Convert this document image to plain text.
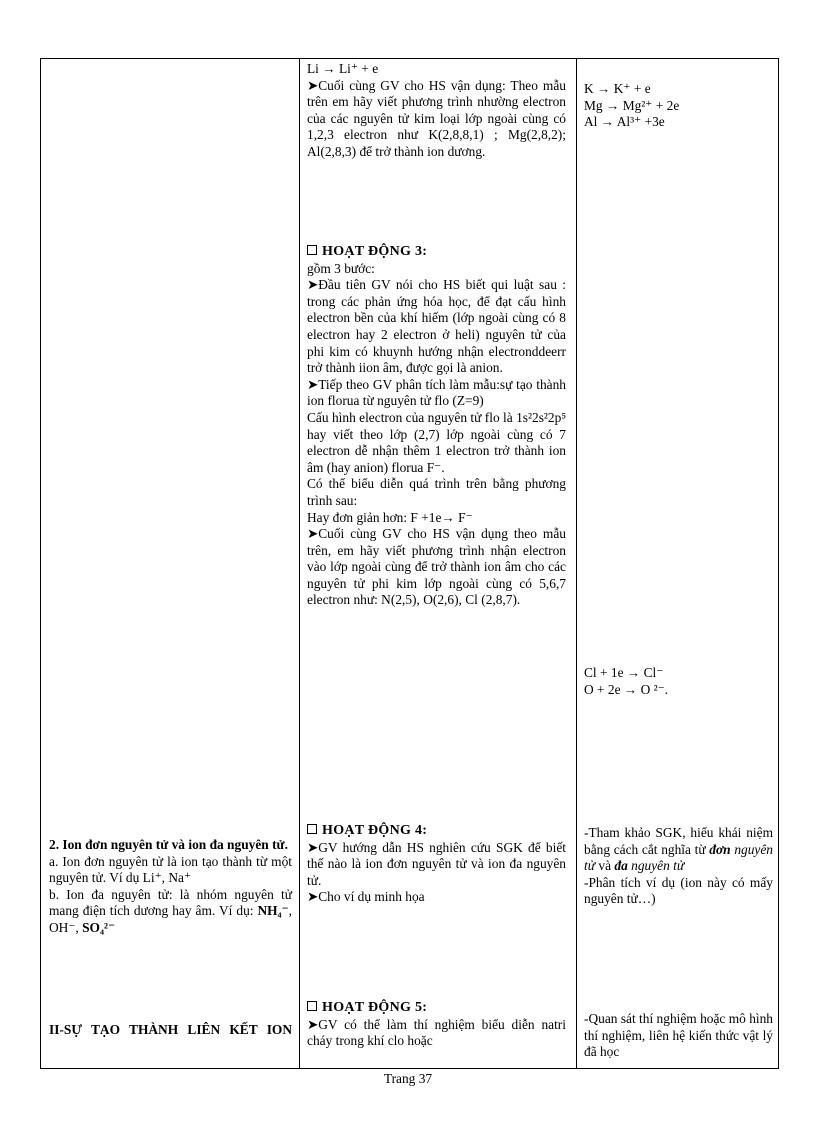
2. Ion đơn nguyên tử và ion đa nguyên tử.

a. Ion đơn nguyên tử là ion tạo thành từ một nguyên tử. Ví dụ Li⁺, Na⁺

b. Ion đa nguyên tử: là nhóm nguyên tử mang điện tích dương hay âm. Ví dụ: NH₄⁻, OH⁻, SO₄²⁻

II-SỰ TẠO THÀNH LIÊN KẾT ION

Li → Li⁺ + e

➤Cuối cùng GV cho HS vận dụng: Theo mẫu trên em hãy viết phương trình nhường electron của các nguyên tử kim loại lớp ngoài cùng có 1,2,3 electron như K(2,8,8,1) ; Mg(2,8,2); Al(2,8,3) để trở thành ion dương.

HOẠT ĐỘNG 3:

gồm 3 bước:

➤Đầu tiên GV nói cho HS biết qui luật sau : trong các phản ứng hóa học, để đạt cấu hình electron bền của khí hiếm (lớp ngoài cùng có 8 electron hay 2 electron ở heli) nguyên tử của phi kim có khuynh hướng nhận electronddeerr trở thành iion âm, được gọi là anion.

➤Tiếp theo GV phân tích làm mẫu:sự tạo thành ion florua từ nguyên tử flo (Z=9)

Cấu hình electron của nguyên tử flo là 1s²2s²2p⁵ hay viết theo lớp (2,7) lớp ngoài cùng có 7 electron dễ nhận thêm 1 electron trở thành ion âm (hay anion) florua F⁻.

Có thể biểu diễn quá trình trên bằng phương trình sau:

Hay đơn giản hơn: F +1e→ F⁻

➤Cuối cùng GV cho HS vận dụng theo mẫu trên, em hãy viết phương trình nhận electron vào lớp ngoài cùng để trở thành ion âm cho các nguyên tử phi kim lớp ngoài cùng có 5,6,7 electron như: N(2,5), O(2,6), Cl (2,8,7).

HOẠT ĐỘNG 4:

➤GV hướng dẫn HS nghiên cứu SGK để biết thế nào là ion đơn nguyên tử và ion đa nguyên tử.

➤Cho ví dụ minh họa

HOẠT ĐỘNG 5:

➤GV có thể làm thí nghiệm biểu diễn natri cháy trong khí clo hoặc

K → K⁺ + e

Mg → Mg²⁺ + 2e

Al → Al³⁺ +3e

Cl + 1e → Cl⁻

O + 2e → O ²⁻.

-Tham khảo SGK, hiểu khái niệm bằng cách cắt nghĩa từ đơn nguyên tử và đa nguyên tử

-Phân tích ví dụ (ion này có mấy nguyên tử…)

-Quan sát thí nghiệm hoặc mô hình thí nghiệm, liên hệ kiến thức vật lý đã học

Trang 37
